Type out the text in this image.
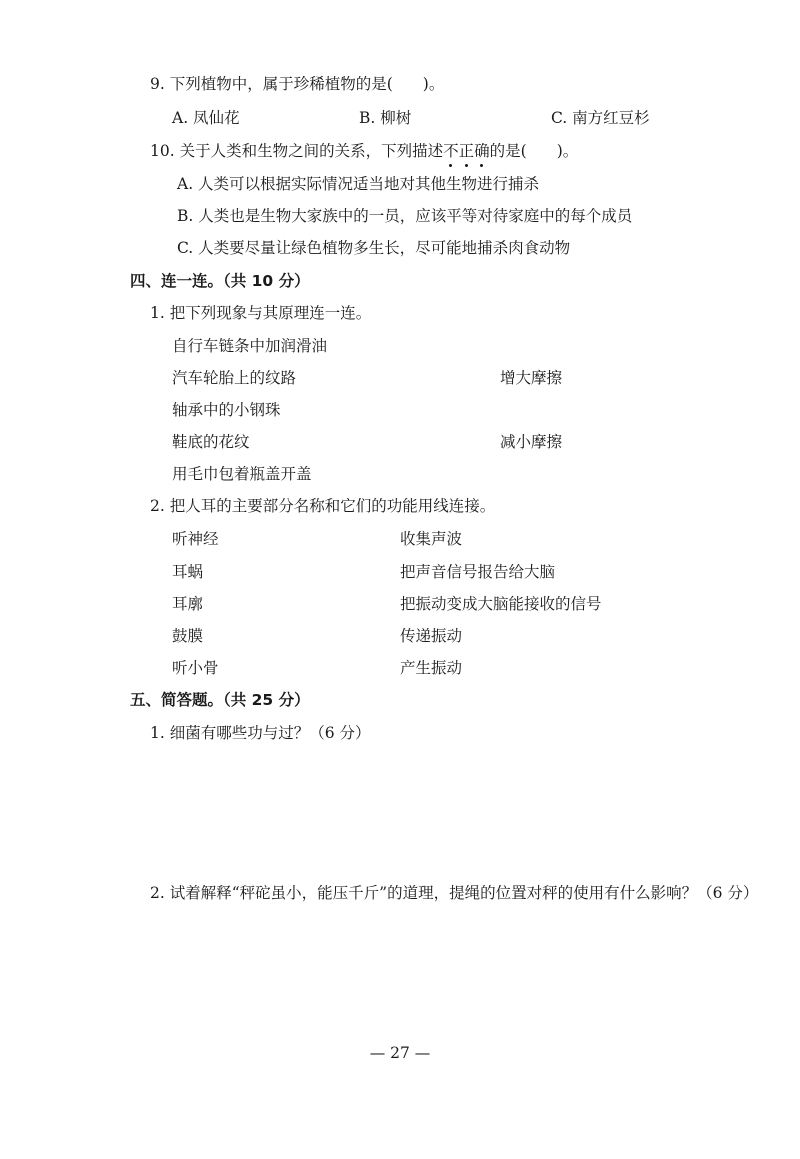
9. 下列植物中，属于珍稀植物的是( )。
A. 凤仙花	B. 柳树	C. 南方红豆杉
10. 关于人类和生物之间的关系，下列描述不正确的是( )。
A. 人类可以根据实际情况适当地对其他生物进行捕杀
B. 人类也是生物大家族中的一员，应该平等对待家庭中的每个成员
C. 人类要尽量让绿色植物多生长，尽可能地捕杀肉食动物
四、连一连。（共 10 分）
1. 把下列现象与其原理连一连。
自行车链条中加润滑油
汽车轮胎上的纹路
轴承中的小钢珠
鞋底的花纹
用毛巾包着瓶盖开盖
增大摩擦
减小摩擦
2. 把人耳的主要部分名称和它们的功能用线连接。
听神经
耳蜗
耳廓
鼓膜
听小骨
收集声波
把声音信号报告给大脑
把振动变成大脑能接收的信号
传递振动
产生振动
五、简答题。（共 25 分）
1. 细菌有哪些功与过？（6 分）
2. 试着解释“秤砣虽小，能压千斤”的道理，提绳的位置对秤的使用有什么影响？（6 分）
— 27 —
